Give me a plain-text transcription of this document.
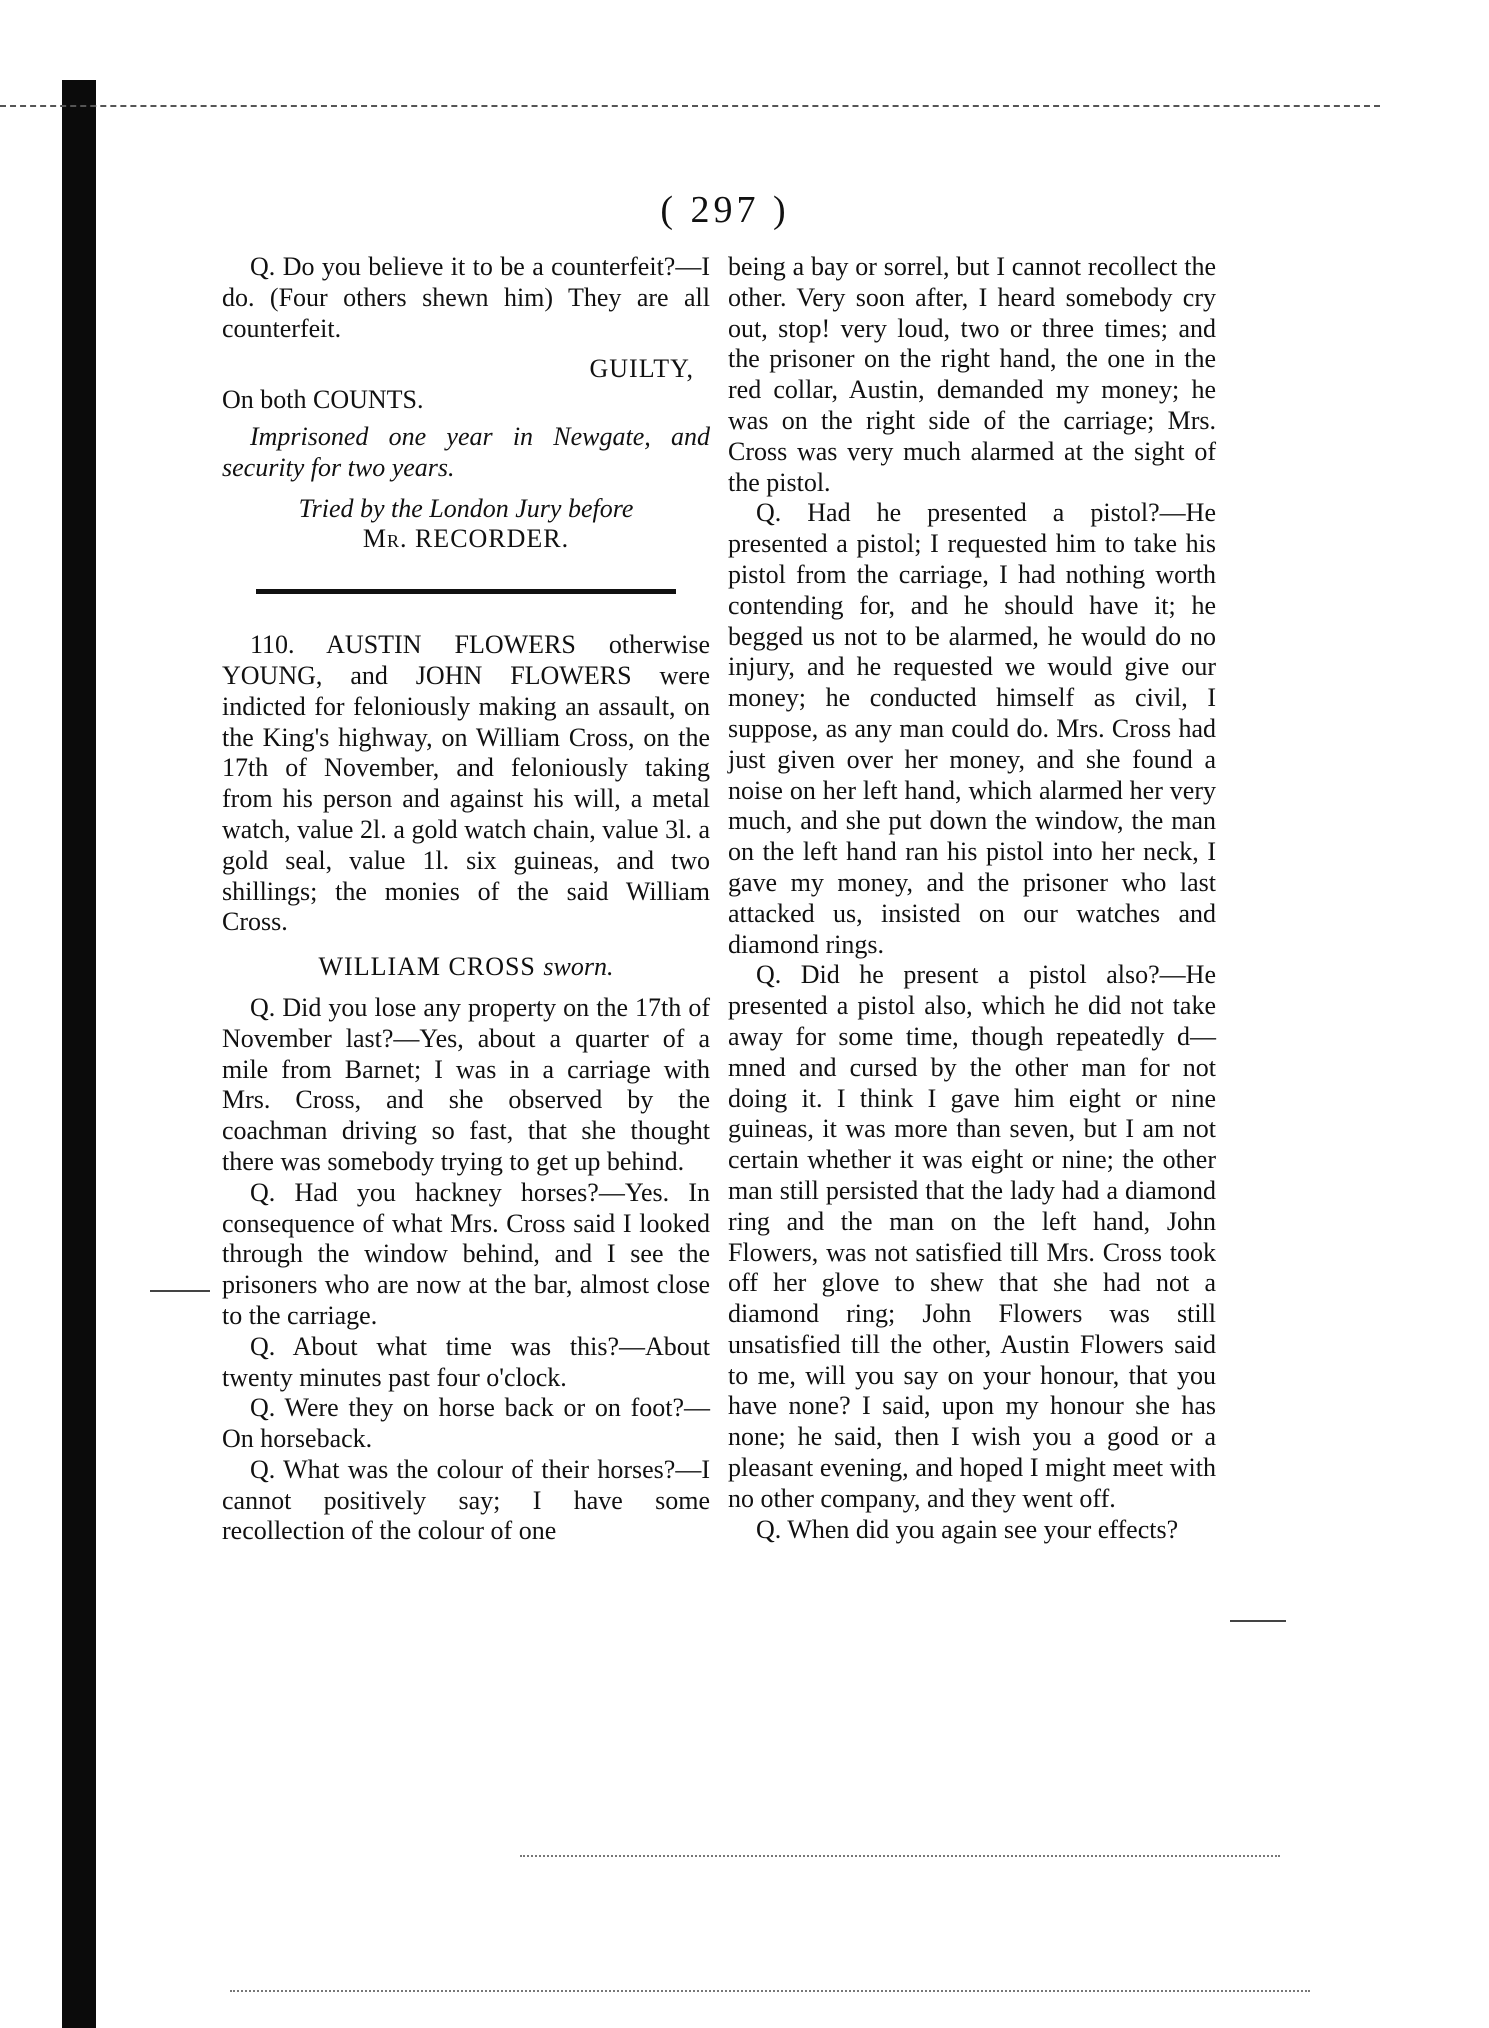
( 297 )

Q. Do you believe it to be a counterfeit?—I do. (Four others shewn him) They are all counterfeit.

GUILTY,

On both COUNTS.

Imprisoned one year in Newgate, and security for two years.

Tried by the London Jury before

Mr. RECORDER.

110. AUSTIN FLOWERS otherwise YOUNG, and JOHN FLOWERS were indicted for feloniously making an assault, on the King's highway, on William Cross, on the 17th of November, and feloniously taking from his person and against his will, a metal watch, value 2l. a gold watch chain, value 3l. a gold seal, value 1l. six guineas, and two shillings; the monies of the said William Cross.

WILLIAM CROSS sworn.

Q. Did you lose any property on the 17th of November last?—Yes, about a quarter of a mile from Barnet; I was in a carriage with Mrs. Cross, and she observed by the coachman driving so fast, that she thought there was somebody trying to get up behind.

Q. Had you hackney horses?—Yes. In consequence of what Mrs. Cross said I looked through the window behind, and I see the prisoners who are now at the bar, almost close to the carriage.

Q. About what time was this?—About twenty minutes past four o'clock.

Q. Were they on horse back or on foot?—On horseback.

Q. What was the colour of their horses?—I cannot positively say; I have some recollection of the colour of one

being a bay or sorrel, but I cannot recollect the other. Very soon after, I heard somebody cry out, stop! very loud, two or three times; and the prisoner on the right hand, the one in the red collar, Austin, demanded my money; he was on the right side of the carriage; Mrs. Cross was very much alarmed at the sight of the pistol.

Q. Had he presented a pistol?—He presented a pistol; I requested him to take his pistol from the carriage, I had nothing worth contending for, and he should have it; he begged us not to be alarmed, he would do no injury, and he requested we would give our money; he conducted himself as civil, I suppose, as any man could do. Mrs. Cross had just given over her money, and she found a noise on her left hand, which alarmed her very much, and she put down the window, the man on the left hand ran his pistol into her neck, I gave my money, and the prisoner who last attacked us, insisted on our watches and diamond rings.

Q. Did he present a pistol also?—He presented a pistol also, which he did not take away for some time, though repeatedly d—mned and cursed by the other man for not doing it. I think I gave him eight or nine guineas, it was more than seven, but I am not certain whether it was eight or nine; the other man still persisted that the lady had a diamond ring and the man on the left hand, John Flowers, was not satisfied till Mrs. Cross took off her glove to shew that she had not a diamond ring; John Flowers was still unsatisfied till the other, Austin Flowers said to me, will you say on your honour, that you have none? I said, upon my honour she has none; he said, then I wish you a good or a pleasant evening, and hoped I might meet with no other company, and they went off.

Q. When did you again see your effects?
